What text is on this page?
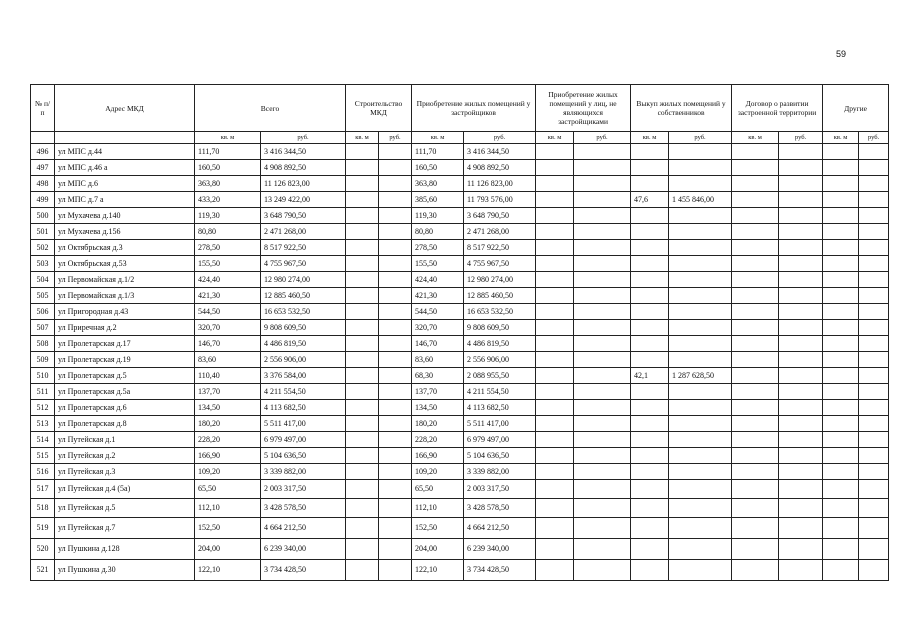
59
№ п/п	Адрес МКД	Всего		Строительство МКД		Приобретение жилых помещений у застройщиков		Приобретение жилых помещений у лиц, не являющихся застройщиками		Выкуп жилых помещений у собственников		Договор о развитии застроенной территории		Другие	
		кв. м	руб.	кв. м	руб.	кв. м	руб.	кв. м	руб.	кв. м	руб.	кв. м	руб.	кв. м	руб.
496	ул МПС д.44	111,70	3 416 344,50			111,70	3 416 344,50								
497	ул МПС д.46 а	160,50	4 908 892,50			160,50	4 908 892,50								
498	ул МПС д.6	363,80	11 126 823,00			363,80	11 126 823,00								
499	ул МПС д.7 а	433,20	13 249 422,00			385,60	11 793 576,00			47,6	1 455 846,00				
500	ул Мухачева д.140	119,30	3 648 790,50			119,30	3 648 790,50								
501	ул Мухачева д.156	80,80	2 471 268,00			80,80	2 471 268,00								
502	ул Октябрьская д.3	278,50	8 517 922,50			278,50	8 517 922,50								
503	ул Октябрьская д.53	155,50	4 755 967,50			155,50	4 755 967,50								
504	ул Первомайская д.1/2	424,40	12 980 274,00			424,40	12 980 274,00								
505	ул Первомайская д.1/3	421,30	12 885 460,50			421,30	12 885 460,50								
506	ул Пригородная д.43	544,50	16 653 532,50			544,50	16 653 532,50								
507	ул Приречная д.2	320,70	9 808 609,50			320,70	9 808 609,50								
508	ул Пролетарская д.17	146,70	4 486 819,50			146,70	4 486 819,50								
509	ул Пролетарская д.19	83,60	2 556 906,00			83,60	2 556 906,00								
510	ул Пролетарская д.5	110,40	3 376 584,00			68,30	2 088 955,50			42,1	1 287 628,50				
511	ул Пролетарская д.5а	137,70	4 211 554,50			137,70	4 211 554,50								
512	ул Пролетарская д.6	134,50	4 113 682,50			134,50	4 113 682,50								
513	ул Пролетарская д.8	180,20	5 511 417,00			180,20	5 511 417,00								
514	ул Путейская д.1	228,20	6 979 497,00			228,20	6 979 497,00								
515	ул Путейская д.2	166,90	5 104 636,50			166,90	5 104 636,50								
516	ул Путейская д.3	109,20	3 339 882,00			109,20	3 339 882,00								
517	ул Путейская д.4 (5а)	65,50	2 003 317,50			65,50	2 003 317,50								
518	ул Путейская д.5	112,10	3 428 578,50			112,10	3 428 578,50								
519	ул Путейская д.7	152,50	4 664 212,50			152,50	4 664 212,50								
520	ул Пушкина д.128	204,00	6 239 340,00			204,00	6 239 340,00								
521	ул Пушкина д.30	122,10	3 734 428,50			122,10	3 734 428,50								
